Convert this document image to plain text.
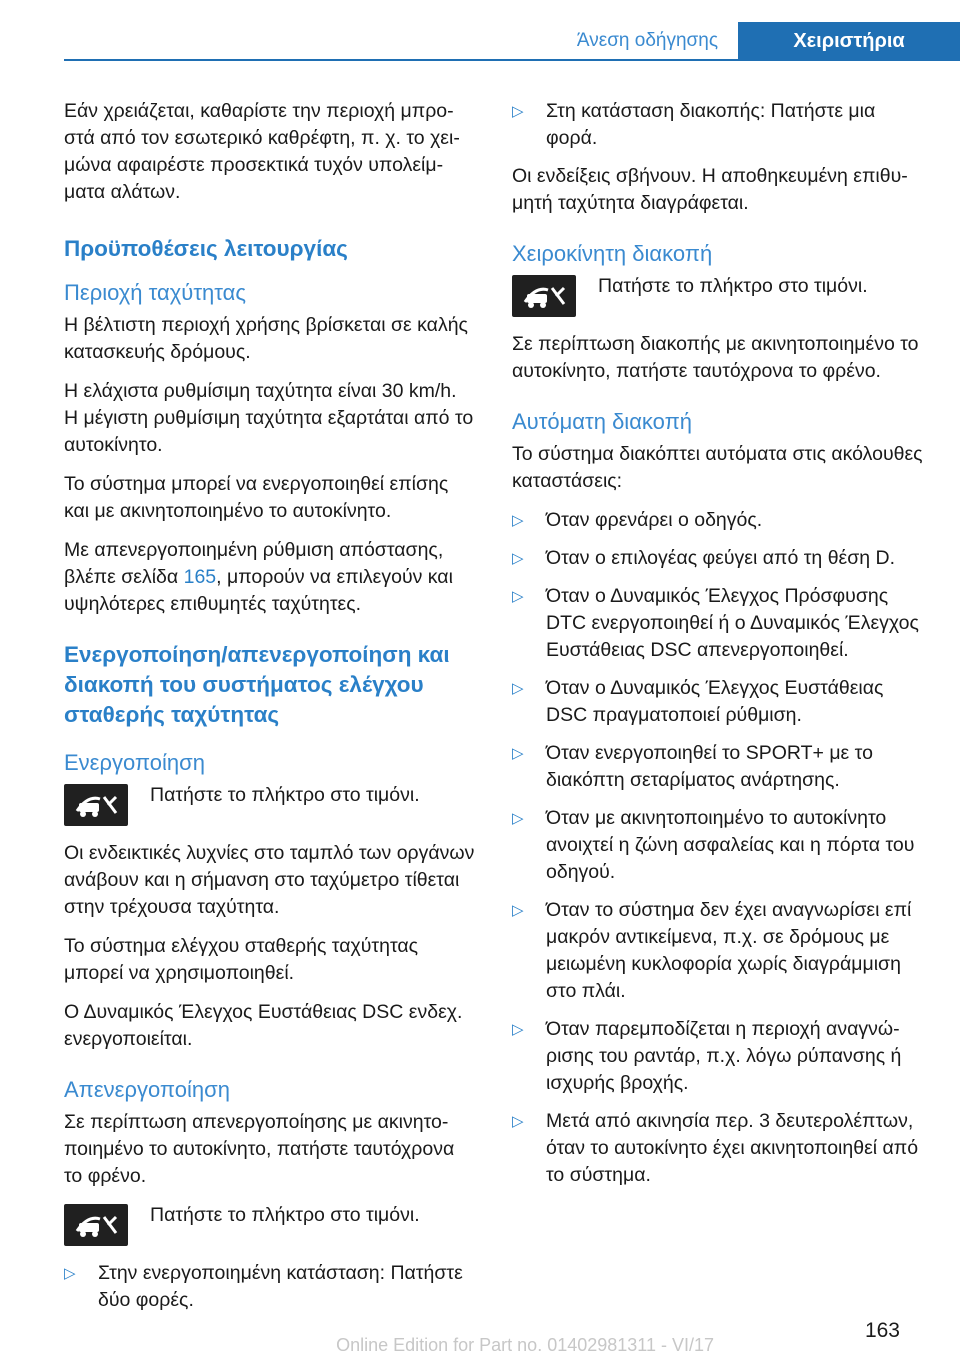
Άνεση οδήγησης	Χειριστήρια

Εάν χρειάζεται, καθαρίστε την περιοχή μπροστά από τον εσωτερικό καθρέφτη, π. χ. το χειμώνα αφαιρέστε προσεκτικά τυχόν υπολείμματα αλάτων.

Προϋποθέσεις λειτουργίας
Περιοχή ταχύτητας

Η βέλτιστη περιοχή χρήσης βρίσκεται σε καλής κατασκευής δρόμους.

Η ελάχιστα ρυθμίσιμη ταχύτητα είναι 30 km/h. Η μέγιστη ρυθμίσιμη ταχύτητα εξαρτάται από το αυτοκίνητο.

Το σύστημα μπορεί να ενεργοποιηθεί επίσης και με ακινητοποιημένο το αυτοκίνητο.

Με απενεργοποιημένη ρύθμιση απόστασης, βλέπε σελίδα 165, μπορούν να επιλεγούν και υψηλότερες επιθυμητές ταχύτητες.

Ενεργοποίηση/απενεργοποίηση και διακοπή του συστήματος ελέγχου σταθερής ταχύτητας
Ενεργοποίηση
Πατήστε το πλήκτρο στο τιμόνι.

Οι ενδεικτικές λυχνίες στο ταμπλό των οργάνων ανάβουν και η σήμανση στο ταχύμετρο τίθεται στην τρέχουσα ταχύτητα.

Το σύστημα ελέγχου σταθερής ταχύτητας μπορεί να χρησιμοποιηθεί.

Ο Δυναμικός Έλεγχος Ευστάθειας DSC ενδεχ. ενεργοποιείται.

Απενεργοποίηση

Σε περίπτωση απενεργοποίησης με ακινητοποιημένο το αυτοκίνητο, πατήστε ταυτόχρονα το φρένο.

Πατήστε το πλήκτρο στο τιμόνι.
▷ Στην ενεργοποιημένη κατάσταση: Πατήστε δύο φορές.
▷ Στη κατάσταση διακοπής: Πατήστε μια φορά.

Οι ενδείξεις σβήνουν. Η αποθηκευμένη επιθυμητή ταχύτητα διαγράφεται.

Χειροκίνητη διακοπή
Πατήστε το πλήκτρο στο τιμόνι.

Σε περίπτωση διακοπής με ακινητοποιημένο το αυτοκίνητο, πατήστε ταυτόχρονα το φρένο.

Αυτόματη διακοπή

Το σύστημα διακόπτει αυτόματα στις ακόλουθες καταστάσεις:

▷ Όταν φρενάρει ο οδηγός.
▷ Όταν ο επιλογέας φεύγει από τη θέση D.
▷ Όταν ο Δυναμικός Έλεγχος Πρόσφυσης DTC ενεργοποιηθεί ή ο Δυναμικός Έλεγχος Ευστάθειας DSC απενεργοποιηθεί.
▷ Όταν ο Δυναμικός Έλεγχος Ευστάθειας DSC πραγματοποιεί ρύθμιση.
▷ Όταν ενεργοποιηθεί το SPORT+ με το διακόπτη σεταρίματος ανάρτησης.
▷ Όταν με ακινητοποιημένο το αυτοκίνητο ανοιχτεί η ζώνη ασφαλείας και η πόρτα του οδηγού.
▷ Όταν το σύστημα δεν έχει αναγνωρίσει επί μακρόν αντικείμενα, π.χ. σε δρόμους με μειωμένη κυκλοφορία χωρίς διαγράμμιση στο πλάι.
▷ Όταν παρεμποδίζεται η περιοχή αναγνώρισης του ραντάρ, π.χ. λόγω ρύπανσης ή ισχυρής βροχής.
▷ Μετά από ακινησία περ. 3 δευτερολέπτων, όταν το αυτοκίνητο έχει ακινητοποιηθεί από το σύστημα.
163
Online Edition for Part no. 01402981311 - VI/17
